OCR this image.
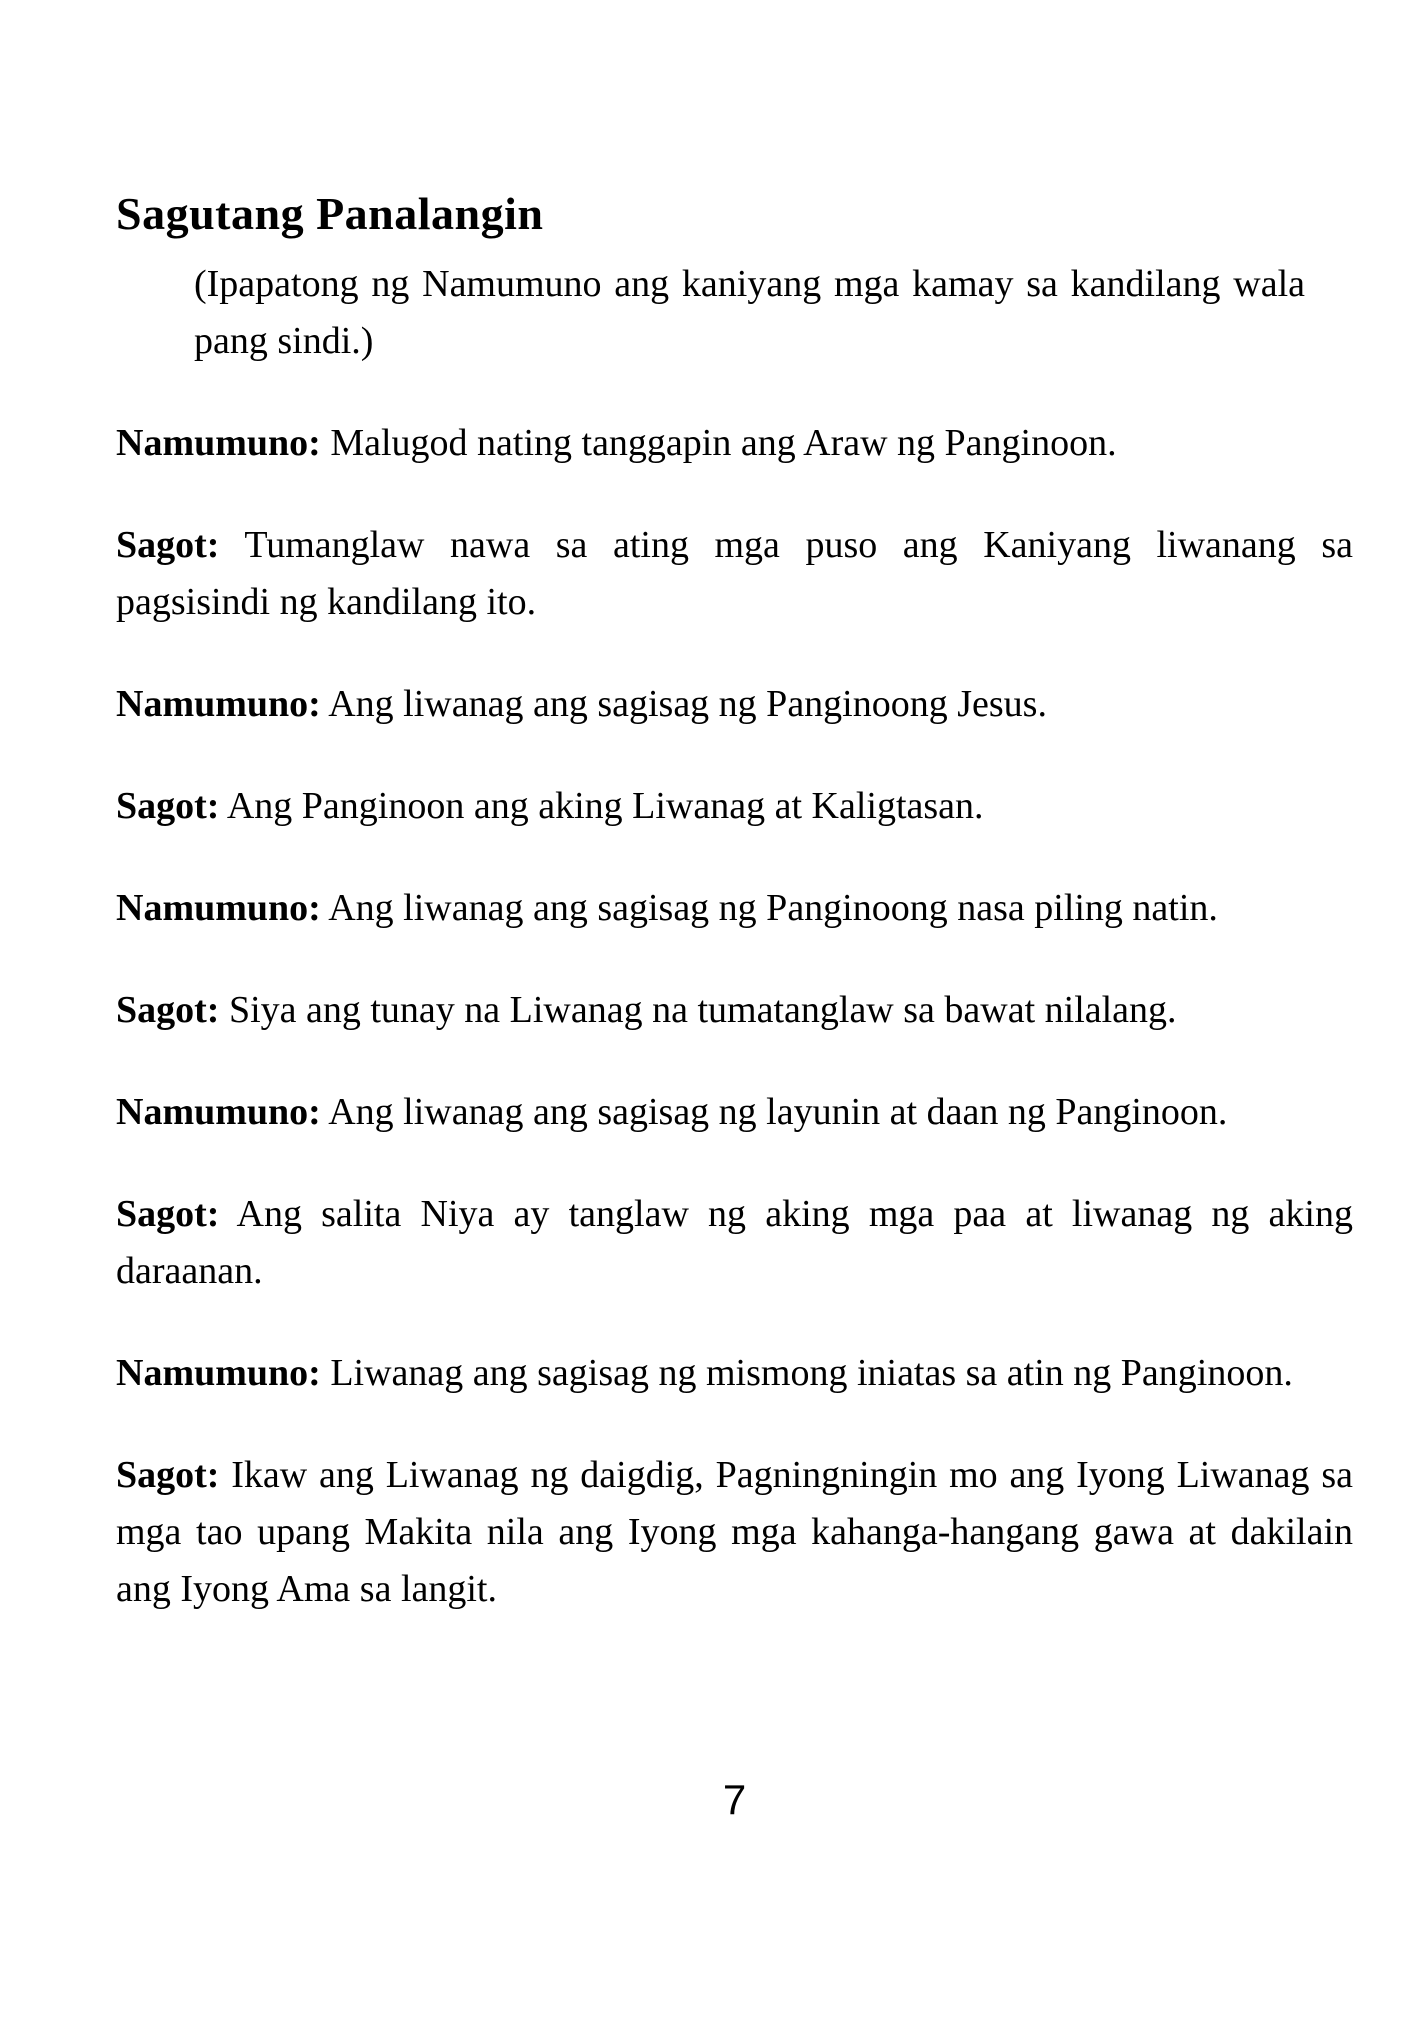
Sagutang Panalangin

(Ipapatong ng Namumuno ang kaniyang mga kamay sa kandilang wala pang sindi.)

Namumuno: Malugod nating tanggapin ang Araw ng Panginoon.

Sagot: Tumanglaw nawa sa ating mga puso ang Kaniyang liwanang sa pagsisindi ng kandilang ito.

Namumuno: Ang liwanag ang sagisag ng Panginoong Jesus.

Sagot: Ang Panginoon ang aking Liwanag at Kaligtasan.

Namumuno: Ang liwanag ang sagisag ng Panginoong nasa piling natin.

Sagot: Siya ang tunay na Liwanag na tumatanglaw sa bawat nilalang.

Namumuno: Ang liwanag ang sagisag ng layunin at daan ng Panginoon.

Sagot: Ang salita Niya ay tanglaw ng aking mga paa at liwanag ng aking daraanan.

Namumuno: Liwanag ang sagisag ng mismong iniatas sa atin ng Panginoon.

Sagot: Ikaw ang Liwanag ng daigdig, Pagningningin mo ang Iyong Liwanag sa mga tao upang Makita nila ang Iyong mga kahanga-hangang gawa at dakilain ang Iyong Ama sa langit.

7
